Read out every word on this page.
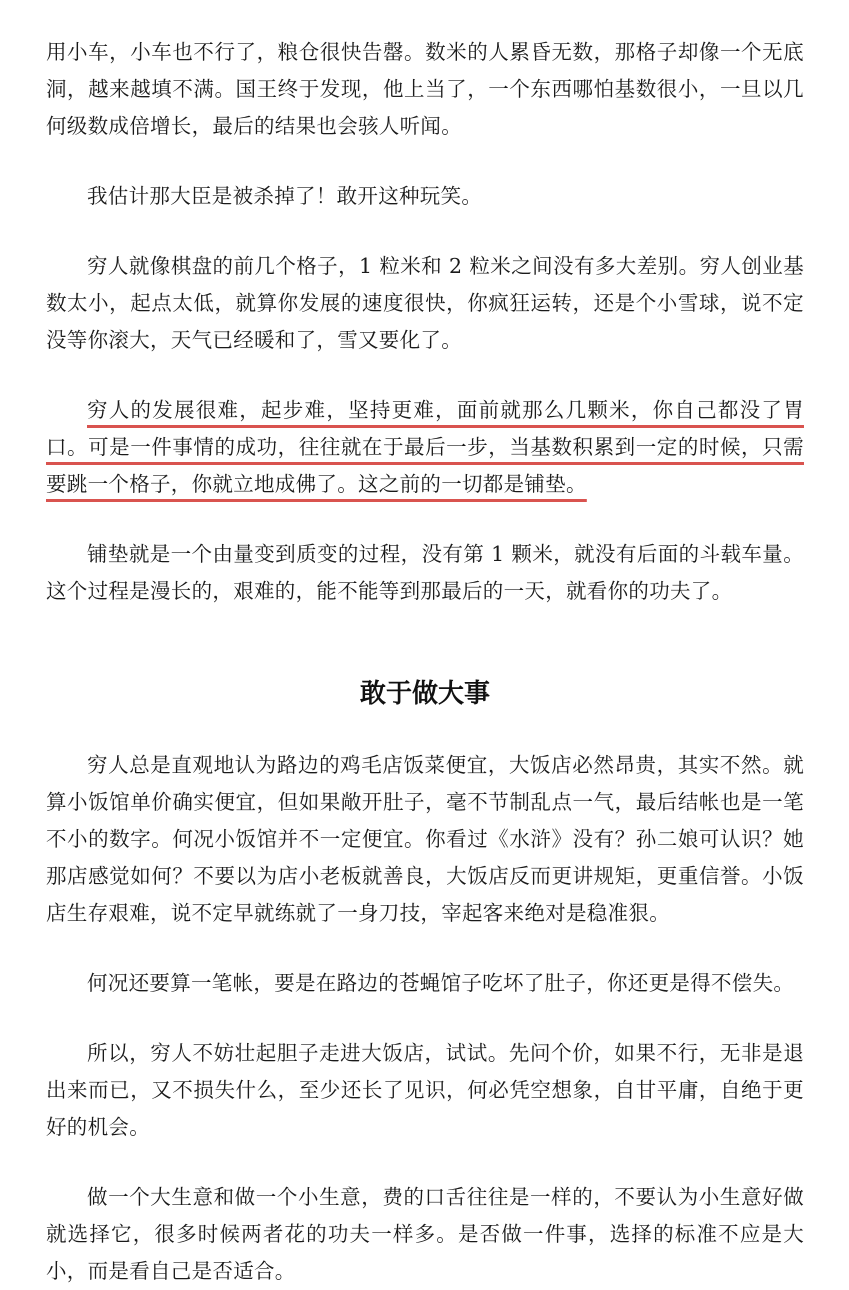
用小车，小车也不行了，粮仓很快告罄。数米的人累昏无数，那格子却像一个无底洞，越来越填不满。国王终于发现，他上当了，一个东西哪怕基数很小，一旦以几何级数成倍增长，最后的结果也会骇人听闻。

我估计那大臣是被杀掉了！敢开这种玩笑。

穷人就像棋盘的前几个格子，1 粒米和 2 粒米之间没有多大差别。穷人创业基数太小，起点太低，就算你发展的速度很快，你疯狂运转，还是个小雪球，说不定没等你滚大，天气已经暖和了，雪又要化了。

穷人的发展很难，起步难，坚持更难，面前就那么几颗米，你自己都没了胃口。可是一件事情的成功，往往就在于最后一步，当基数积累到一定的时候，只需要跳一个格子，你就立地成佛了。这之前的一切都是铺垫。

铺垫就是一个由量变到质变的过程，没有第 1 颗米，就没有后面的斗载车量。这个过程是漫长的，艰难的，能不能等到那最后的一天，就看你的功夫了。

敢于做大事

穷人总是直观地认为路边的鸡毛店饭菜便宜，大饭店必然昂贵，其实不然。就算小饭馆单价确实便宜，但如果敞开肚子，毫不节制乱点一气，最后结帐也是一笔不小的数字。何况小饭馆并不一定便宜。你看过《水浒》没有？孙二娘可认识？她那店感觉如何？不要以为店小老板就善良，大饭店反而更讲规矩，更重信誉。小饭店生存艰难，说不定早就练就了一身刀技，宰起客来绝对是稳准狠。

何况还要算一笔帐，要是在路边的苍蝇馆子吃坏了肚子，你还更是得不偿失。

所以，穷人不妨壮起胆子走进大饭店，试试。先问个价，如果不行，无非是退出来而已，又不损失什么，至少还长了见识，何必凭空想象，自甘平庸，自绝于更好的机会。

做一个大生意和做一个小生意，费的口舌往往是一样的，不要认为小生意好做就选择它，很多时候两者花的功夫一样多。是否做一件事，选择的标准不应是大小，而是看自己是否适合。
